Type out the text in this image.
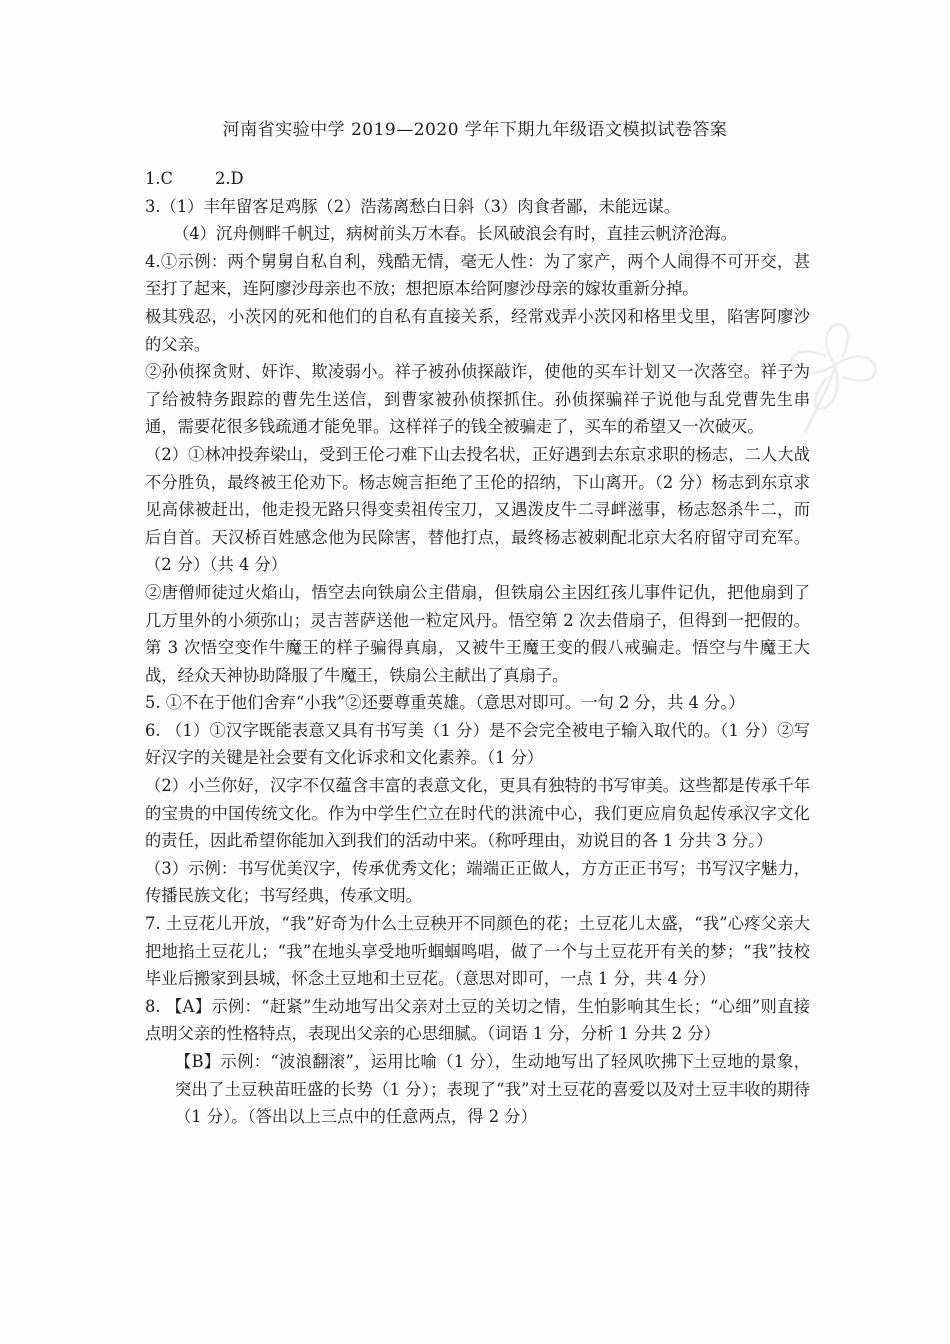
河南省实验中学 2019—2020 学年下期九年级语文模拟试卷答案

1.C	2.D

3.（1）丰年留客足鸡豚（2）浩荡离愁白日斜（3）肉食者鄙，未能远谋。

（4）沉舟侧畔千帆过，病树前头万木春。长风破浪会有时，直挂云帆济沧海。

4.①示例：两个舅舅自私自利，残酷无情，毫无人性：为了家产，两个人闹得不可开交，甚至打了起来，连阿廖沙母亲也不放；想把原本给阿廖沙母亲的嫁妆重新分掉。

极其残忍，小茨冈的死和他们的自私有直接关系，经常戏弄小茨冈和格里戈里，陷害阿廖沙的父亲。

②孙侦探贪财、奸诈、欺凌弱小。祥子被孙侦探敲诈，使他的买车计划又一次落空。祥子为了给被特务跟踪的曹先生送信，到曹家被孙侦探抓住。孙侦探骗祥子说他与乱党曹先生串通，需要花很多钱疏通才能免罪。这样祥子的钱全被骗走了，买车的希望又一次破灭。

（2）①林冲投奔梁山，受到王伦刁难下山去投名状，正好遇到去东京求职的杨志，二人大战不分胜负，最终被王伦劝下。杨志婉言拒绝了王伦的招纳，下山离开。（2 分）杨志到东京求见高俅被赶出，他走投无路只得变卖祖传宝刀，又遇泼皮牛二寻衅滋事，杨志怒杀牛二，而后自首。天汉桥百姓感念他为民除害，替他打点，最终杨志被刺配北京大名府留守司充军。（2 分）（共 4 分）

②唐僧师徒过火焰山，悟空去向铁扇公主借扇，但铁扇公主因红孩儿事件记仇，把他扇到了几万里外的小须弥山；灵吉菩萨送他一粒定风丹。悟空第 2 次去借扇子，但得到一把假的。第 3 次悟空变作牛魔王的样子骗得真扇，又被牛王魔王变的假八戒骗走。悟空与牛魔王大战，经众天神协助降服了牛魔王，铁扇公主献出了真扇子。

5. ①不在于他们舍弃“小我”②还要尊重英雄。（意思对即可。一句 2 分，共 4 分。）

6. （1）①汉字既能表意又具有书写美（1 分）是不会完全被电子输入取代的。（1 分）②写好汉字的关键是社会要有文化诉求和文化素养。（1 分）

（2）小兰你好，汉字不仅蕴含丰富的表意文化，更具有独特的书写审美。这些都是传承千年的宝贵的中国传统文化。作为中学生伫立在时代的洪流中心，我们更应肩负起传承汉字文化的责任，因此希望你能加入到我们的活动中来。（称呼理由，劝说目的各 1 分共 3 分。）

（3）示例：书写优美汉字，传承优秀文化；端端正正做人，方方正正书写；书写汉字魅力，传播民族文化；书写经典，传承文明。

7. 土豆花儿开放，“我”好奇为什么土豆秧开不同颜色的花；土豆花儿太盛，“我”心疼父亲大把地掐土豆花儿；“我”在地头享受地听蝈蝈鸣唱，做了一个与土豆花开有关的梦；“我”技校毕业后搬家到县城，怀念土豆地和土豆花。（意思对即可，一点 1 分，共 4 分）

8. 【A】示例：“赶紧”生动地写出父亲对土豆的关切之情，生怕影响其生长；“心细”则直接点明父亲的性格特点，表现出父亲的心思细腻。（词语 1 分，分析 1 分共 2 分）

【B】示例：“波浪翻滚”，运用比喻（1 分），生动地写出了轻风吹拂下土豆地的景象，突出了土豆秧苗旺盛的长势（1 分）；表现了“我”对土豆花的喜爱以及对土豆丰收的期待（1 分）。（答出以上三点中的任意两点，得 2 分）
